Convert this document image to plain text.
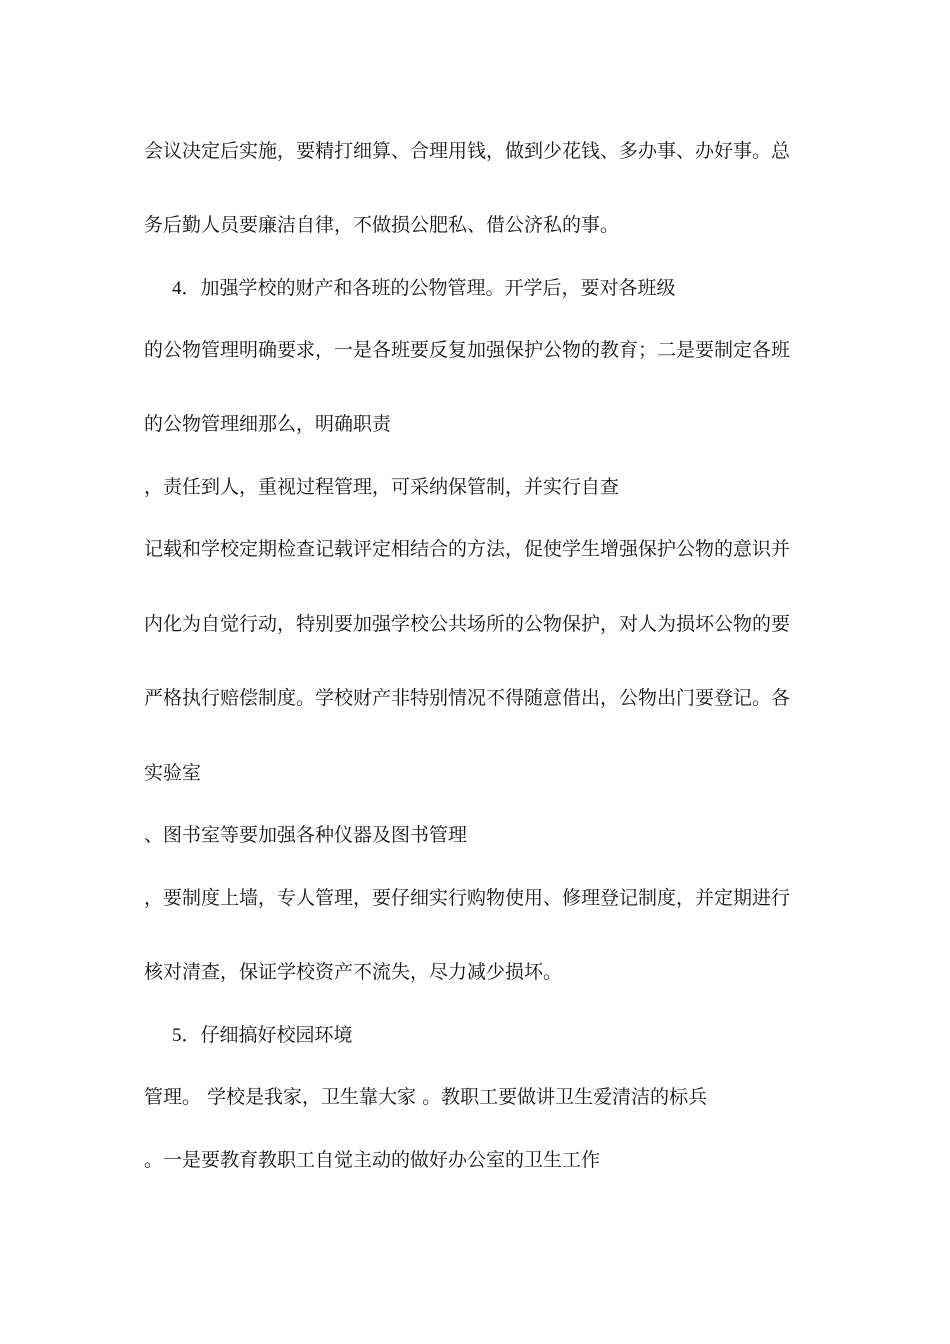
会议决定后实施，要精打细算、合理用钱，做到少花钱、多办事、办好事。总
务后勤人员要廉洁自律，不做损公肥私、借公济私的事。
4．加强学校的财产和各班的公物管理。开学后，要对各班级
的公物管理明确要求，一是各班要反复加强保护公物的教育；二是要制定各班
的公物管理细那么，明确职责
，责任到人，重视过程管理，可采纳保管制，并实行自查
记载和学校定期检查记载评定相结合的方法，促使学生增强保护公物的意识并
内化为自觉行动，特别要加强学校公共场所的公物保护，对人为损坏公物的要
严格执行赔偿制度。学校财产非特别情况不得随意借出，公物出门要登记。各
实验室
、图书室等要加强各种仪器及图书管理
，要制度上墙，专人管理，要仔细实行购物使用、修理登记制度，并定期进行
核对清查，保证学校资产不流失，尽力减少损坏。
5．仔细搞好校园环境
管理。 学校是我家，卫生靠大家 。教职工要做讲卫生爱清洁的标兵
。一是要教育教职工自觉主动的做好办公室的卫生工作
